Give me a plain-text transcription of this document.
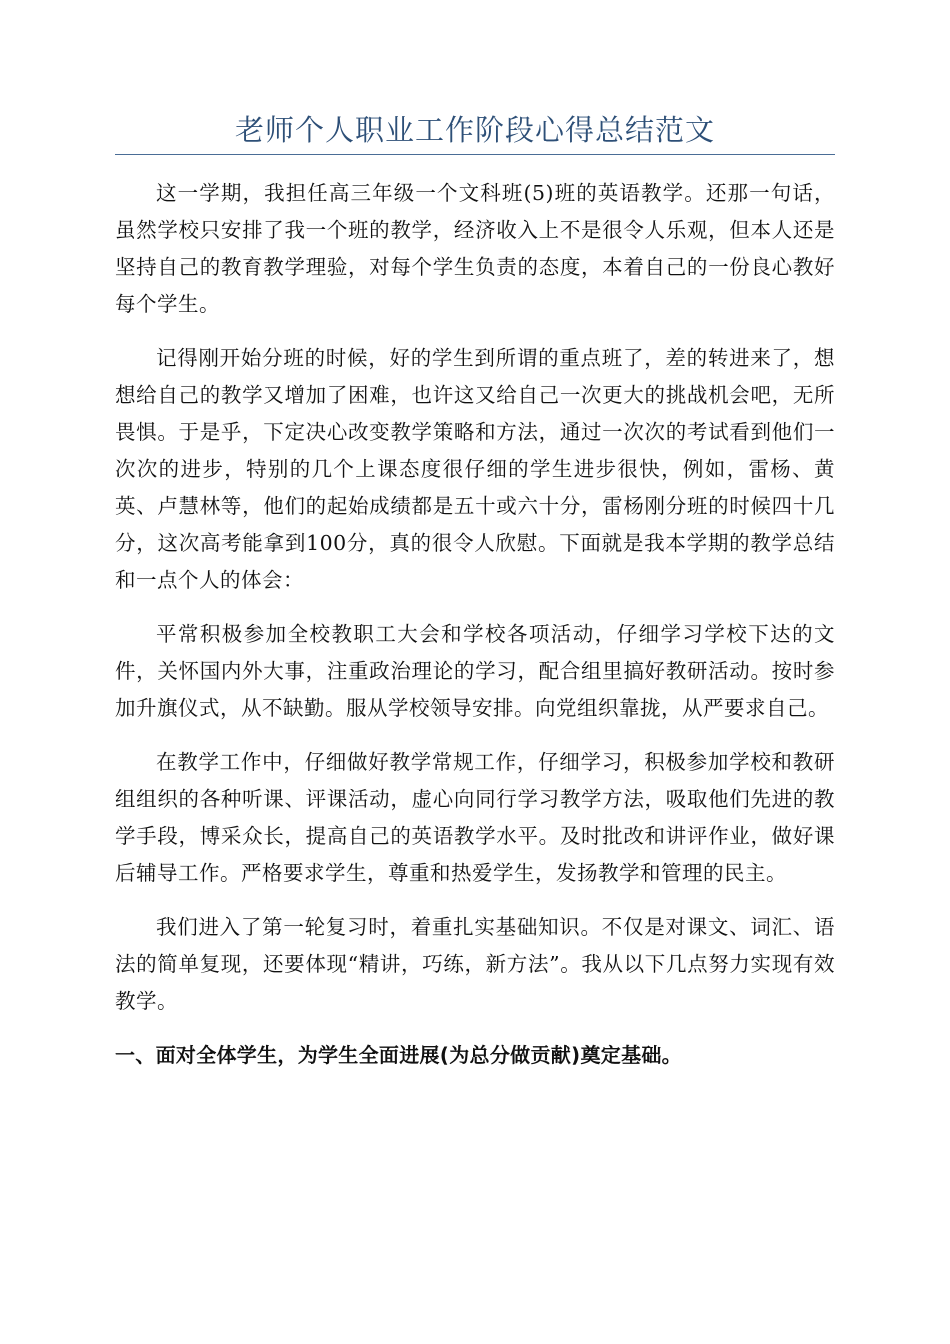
老师个人职业工作阶段心得总结范文

这一学期，我担任高三年级一个文科班(5)班的英语教学。还那一句话，虽然学校只安排了我一个班的教学，经济收入上不是很令人乐观，但本人还是坚持自己的教育教学理验，对每个学生负责的态度，本着自己的一份良心教好每个学生。

记得刚开始分班的时候，好的学生到所谓的重点班了，差的转进来了，想想给自己的教学又增加了困难，也许这又给自己一次更大的挑战机会吧，无所畏惧。于是乎，下定决心改变教学策略和方法，通过一次次的考试看到他们一次次的进步，特别的几个上课态度很仔细的学生进步很快，例如，雷杨、黄英、卢慧林等，他们的起始成绩都是五十或六十分，雷杨刚分班的时候四十几分，这次高考能拿到100分，真的很令人欣慰。下面就是我本学期的教学总结和一点个人的体会：

平常积极参加全校教职工大会和学校各项活动，仔细学习学校下达的文件，关怀国内外大事，注重政治理论的学习，配合组里搞好教研活动。按时参加升旗仪式，从不缺勤。服从学校领导安排。向党组织靠拢，从严要求自己。

在教学工作中，仔细做好教学常规工作，仔细学习，积极参加学校和教研组组织的各种听课、评课活动，虚心向同行学习教学方法，吸取他们先进的教学手段，博采众长，提高自己的英语教学水平。及时批改和讲评作业，做好课后辅导工作。严格要求学生，尊重和热爱学生，发扬教学和管理的民主。

我们进入了第一轮复习时，着重扎实基础知识。不仅是对课文、词汇、语法的简单复现，还要体现“精讲，巧练，新方法”。我从以下几点努力实现有效教学。

一、面对全体学生，为学生全面进展(为总分做贡献)奠定基础。
